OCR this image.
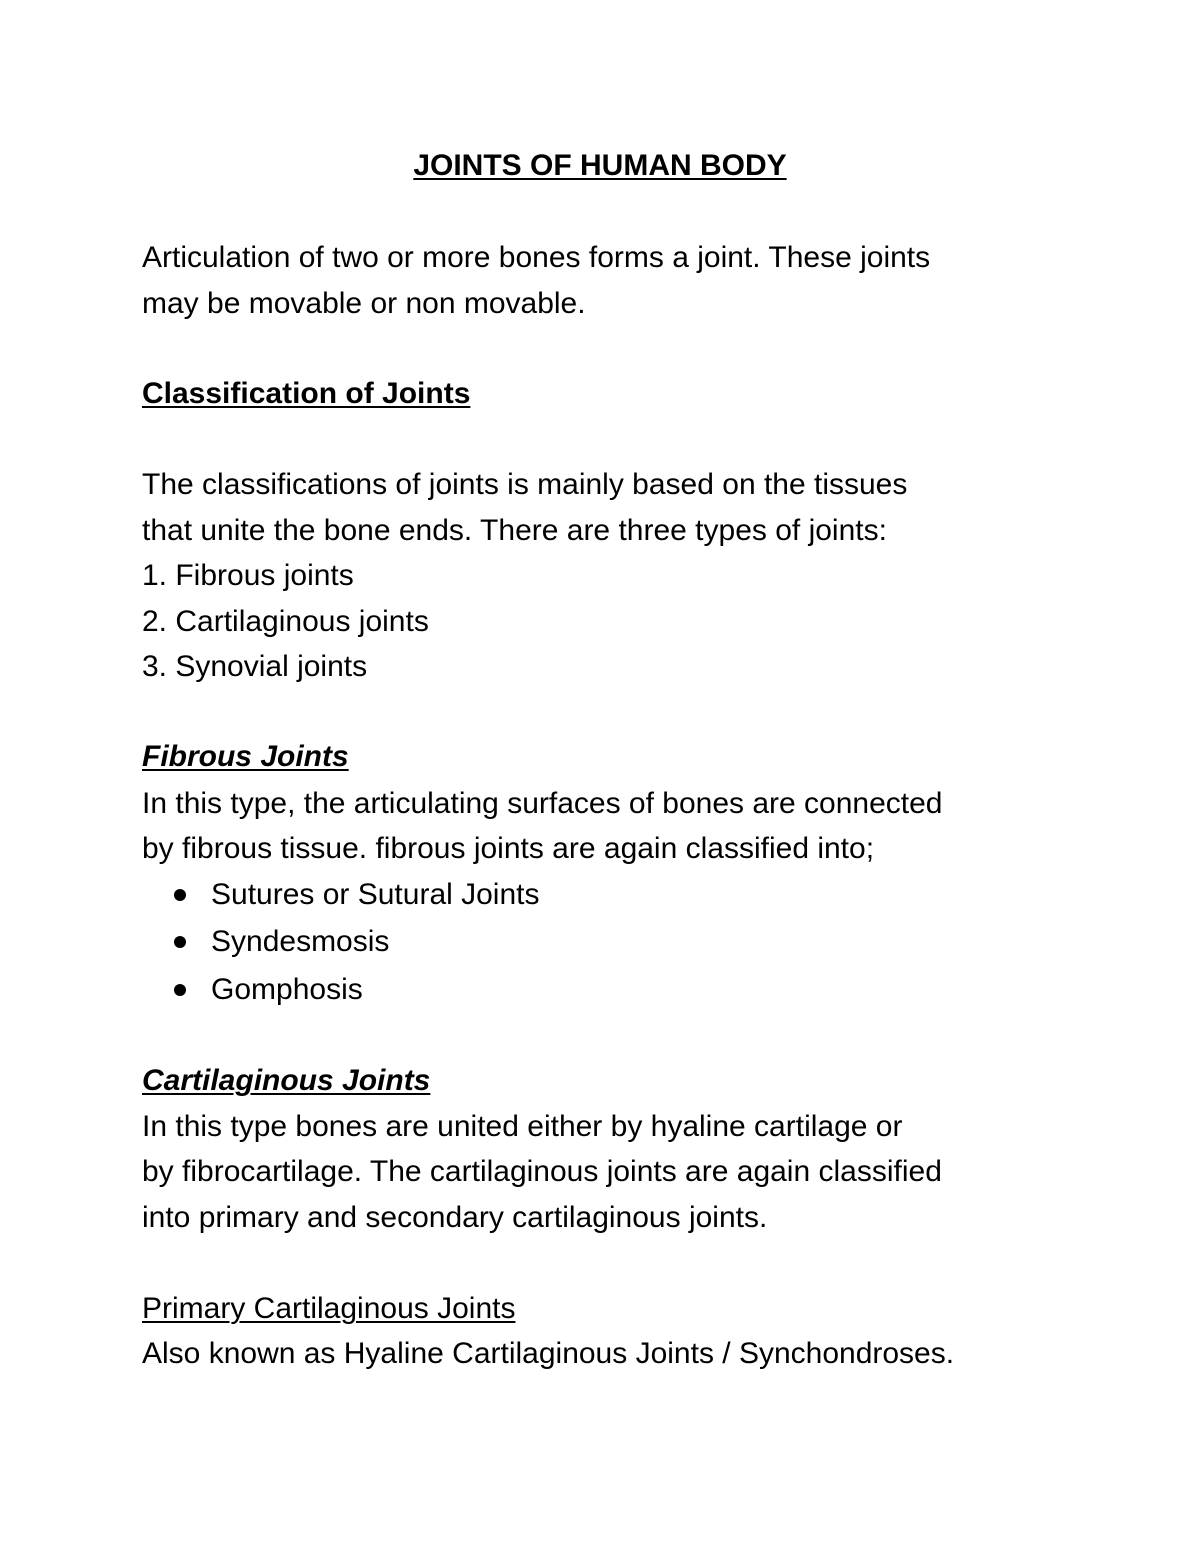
JOINTS OF HUMAN BODY
Articulation of two or more bones forms a joint. These joints
may be movable or non movable.
Classification of Joints
The classifications of joints is mainly based on the tissues
that unite the bone ends. There are three types of joints:
1. Fibrous joints
2. Cartilaginous joints
3. Synovial joints
Fibrous Joints
In this type, the articulating surfaces of bones are connected
by fibrous tissue. fibrous joints are again classified into;
Sutures or Sutural Joints
Syndesmosis
Gomphosis
Cartilaginous Joints
In this type bones are united either by hyaline cartilage or
by fibrocartilage. The cartilaginous joints are again classified
into primary and secondary cartilaginous joints.
Primary Cartilaginous Joints
Also known as Hyaline Cartilaginous Joints / Synchondroses.
